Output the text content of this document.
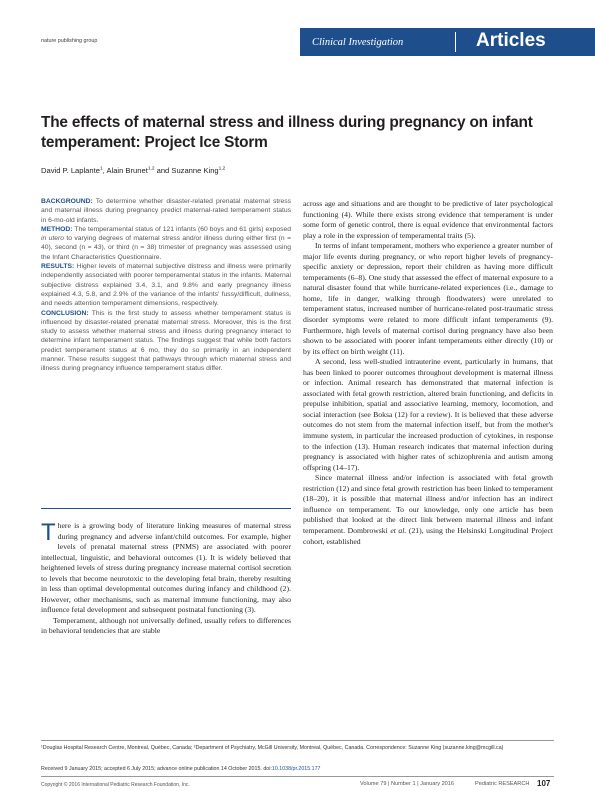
nature publishing group	Clinical Investigation	Articles
The effects of maternal stress and illness during pregnancy on infant temperament: Project Ice Storm
David P. Laplante$^1$, Alain Brunet$^{1,2}$ and Suzanne King$^{1,2}$

BACKGROUND: To determine whether disaster-related prenatal maternal stress and maternal illness during pregnancy predict maternal-rated temperament status in 6-mo-old infants.

METHOD: The temperamental status of 121 infants (60 boys and 61 girls) exposed in utero to varying degrees of maternal stress and/or illness during either first (n = 40), second (n = 43), or third (n = 38) trimester of pregnancy was assessed using the Infant Characteristics Questionnaire.

RESULTS: Higher levels of maternal subjective distress and illness were primarily independently associated with poorer temperamental status in the infants. Maternal subjective distress explained 3.4, 3.1, and 9.8% and early pregnancy illness explained 4.3, 5.8, and 2.9% of the variance of the infants' fussy/difficult, dullness, and needs attention temperament dimensions, respectively.

CONCLUSION: This is the first study to assess whether temperament status is influenced by disaster-related prenatal maternal stress. Moreover, this is the first study to assess whether maternal stress and illness during pregnancy interact to determine infant temperament status. The findings suggest that while both factors predict temperament status at 6 mo, they do so primarily in an independent manner. These results suggest that pathways through which maternal stress and illness during pregnancy influence temperament status differ.

There is a growing body of literature linking measures of maternal stress during pregnancy and adverse infant/child outcomes. For example, higher levels of prenatal maternal stress (PNMS) are associated with poorer intellectual, linguistic, and behavioral outcomes (1). It is widely believed that heightened levels of stress during pregnancy increase maternal cortisol secretion to levels that become neurotoxic to the developing fetal brain, thereby resulting in less than optimal developmental outcomes during infancy and childhood (2). However, other mechanisms, such as maternal immune functioning, may also influence fetal development and subsequent postnatal functioning (3).

Temperament, although not universally defined, usually refers to differences in behavioral tendencies that are stable

across age and situations and are thought to be predictive of later psychological functioning (4). While there exists strong evidence that temperament is under some form of genetic control, there is equal evidence that environmental factors play a role in the expression of temperamental traits (5).

In terms of infant temperament, mothers who experience a greater number of major life events during pregnancy, or who report higher levels of pregnancy-specific anxiety or depression, report their children as having more difficult temperaments (6–8). One study that assessed the effect of maternal exposure to a natural disaster found that while hurricane-related experiences (i.e., damage to home, life in danger, walking through floodwaters) were unrelated to temperament status, increased number of hurricane-related post-traumatic stress disorder symptoms were related to more difficult infant temperaments (9). Furthermore, high levels of maternal cortisol during pregnancy have also been shown to be associated with poorer infant temperaments either directly (10) or by its effect on birth weight (11).

A second, less well-studied intrauterine event, particularly in humans, that has been linked to poorer outcomes throughout development is maternal illness or infection. Animal research has demonstrated that maternal infection is associated with fetal growth restriction, altered brain functioning, and deficits in prepulse inhibition, spatial and associative learning, memory, locomotion, and social interaction (see Boksa (12) for a review). It is believed that these adverse outcomes do not stem from the maternal infection itself, but from the mother's immune system, in particular the increased production of cytokines, in response to the infection (13). Human research indicates that maternal infection during pregnancy is associated with higher rates of schizophrenia and autism among offspring (14–17).

Since maternal illness and/or infection is associated with fetal growth restriction (12) and since fetal growth restriction has been linked to temperament (18–20), it is possible that maternal illness and/or infection has an indirect influence on temperament. To our knowledge, only one article has been published that looked at the direct link between maternal illness and infant temperament. Dombrowski et al. (21), using the Helsinski Longitudinal Project cohort, established

¹Douglas Hospital Research Centre, Montreal, Québec, Canada; ²Department of Psychiatry, McGill University, Montreal, Québec, Canada. Correspondence: Suzanne King (suzanne.king@mcgill.ca)
Received 9 January 2015; accepted 6 July 2015; advance online publication 14 October 2015. doi:10.1038/pr.2015.177
Copyright © 2016 International Pediatric Research Foundation, Inc.	Volume 79 | Number 1 | January 2016	Pediatric RESEARCH 107
